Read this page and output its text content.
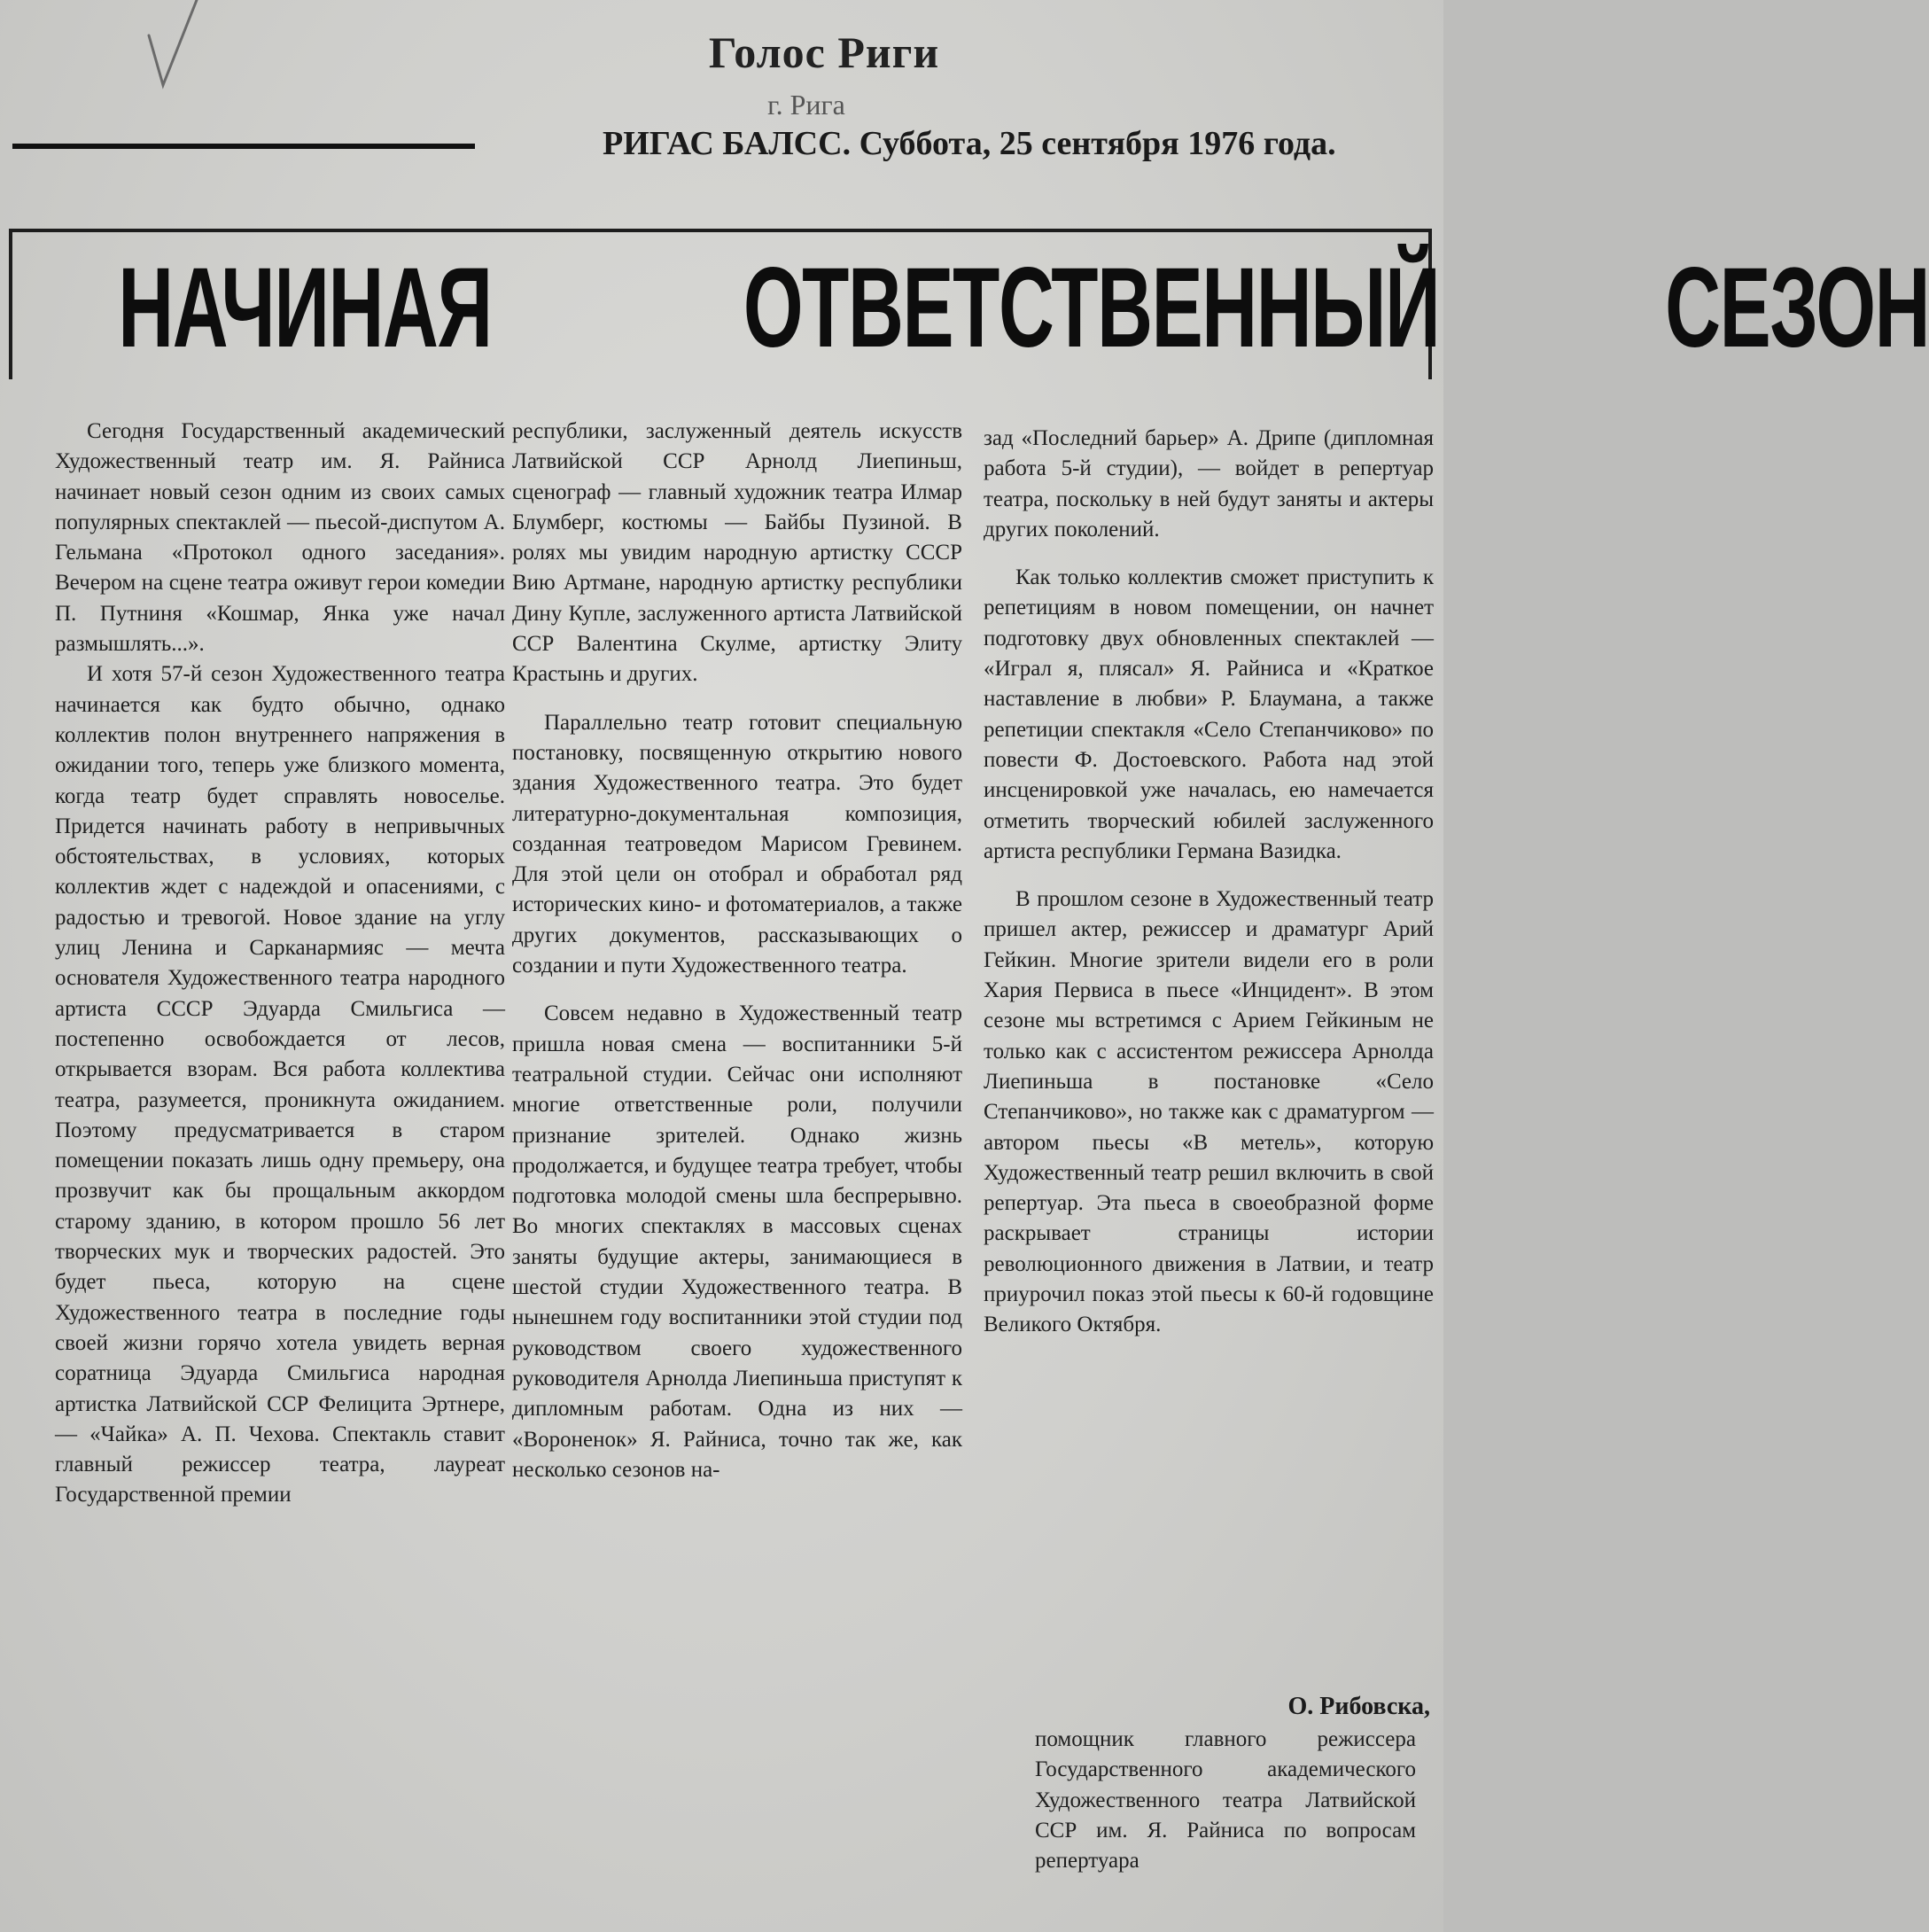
Голос Риги
г. Рига
РИГАС БАЛСС. Суббота, 25 сентября 1976 года.
НАЧИНАЯ ОТВЕТСТВЕННЫЙ СЕЗОН

Сегодня Государственный академический Художественный театр им. Я. Райниса начинает новый сезон одним из своих самых популярных спектаклей — пьесой-диспутом А. Гельмана «Протокол одного заседания». Вечером на сцене театра оживут герои комедии П. Путниня «Кошмар, Янка уже начал размышлять...».

И хотя 57-й сезон Художественного театра начинается как будто обычно, однако коллектив полон внутреннего напряжения в ожидании того, теперь уже близкого момента, когда театр будет справлять новоселье. Придется начинать работу в непривычных обстоятельствах, в условиях, которых коллектив ждет с надеждой и опасениями, с радостью и тревогой. Новое здание на углу улиц Ленина и Сарканармияс — мечта основателя Художественного театра народного артиста СССР Эдуарда Смильгиса — постепенно освобождается от лесов, открывается взорам. Вся работа коллектива театра, разумеется, проникнута ожиданием. Поэтому предусматривается в старом помещении показать лишь одну премьеру, она прозвучит как бы прощальным аккордом старому зданию, в котором прошло 56 лет творческих мук и творческих радостей. Это будет пьеса, которую на сцене Художественного театра в последние годы своей жизни горячо хотела увидеть верная соратница Эдуарда Смильгиса народная артистка Латвийской ССР Фелицита Эртнере, — «Чайка» А. П. Чехова. Спектакль ставит главный режиссер театра, лауреат Государственной премии

республики, заслуженный деятель искусств Латвийской ССР Арнолд Лиепиньш, сценограф — главный художник театра Илмар Блумберг, костюмы — Байбы Пузиной. В ролях мы увидим народную артистку СССР Вию Артмане, народную артистку республики Дину Купле, заслуженного артиста Латвийской ССР Валентина Скулме, артистку Элиту Крастынь и других.

Параллельно театр готовит специальную постановку, посвященную открытию нового здания Художественного театра. Это будет литературно-документальная композиция, созданная театроведом Марисом Гревинем. Для этой цели он отобрал и обработал ряд исторических кино- и фотоматериалов, а также других документов, рассказывающих о создании и пути Художественного театра.

Совсем недавно в Художественный театр пришла новая смена — воспитанники 5-й театральной студии. Сейчас они исполняют многие ответственные роли, получили признание зрителей. Однако жизнь продолжается, и будущее театра требует, чтобы подготовка молодой смены шла беспрерывно. Во многих спектаклях в массовых сценах заняты будущие актеры, занимающиеся в шестой студии Художественного театра. В нынешнем году воспитанники этой студии под руководством своего художественного руководителя Арнолда Лиепиньша приступят к дипломным работам. Одна из них — «Вороненок» Я. Райниса, точно так же, как несколько сезонов на-

зад «Последний барьер» А. Дрипе (дипломная работа 5-й студии), — войдет в репертуар театра, поскольку в ней будут заняты и актеры других поколений.

Как только коллектив сможет приступить к репетициям в новом помещении, он начнет подготовку двух обновленных спектаклей — «Играл я, плясал» Я. Райниса и «Краткое наставление в любви» Р. Блаумана, а также репетиции спектакля «Село Степанчиково» по повести Ф. Достоевского. Работа над этой инсценировкой уже началась, ею намечается отметить творческий юбилей заслуженного артиста республики Германа Вазидка.

В прошлом сезоне в Художественный театр пришел актер, режиссер и драматург Арий Гейкин. Многие зрители видели его в роли Хария Первиса в пьесе «Инцидент». В этом сезоне мы встретимся с Арием Гейкиным не только как с ассистентом режиссера Арнолда Лиепиньша в постановке «Село Степанчиково», но также как с драматургом — автором пьесы «В метель», которую Художественный театр решил включить в свой репертуар. Эта пьеса в своеобразной форме раскрывает страницы истории революционного движения в Латвии, и театр приурочил показ этой пьесы к 60-й годовщине Великого Октября.

О. Рибовска,
помощник главного режиссера Государственного академического Художественного театра Латвийской ССР им. Я. Райниса по вопросам репертуара
